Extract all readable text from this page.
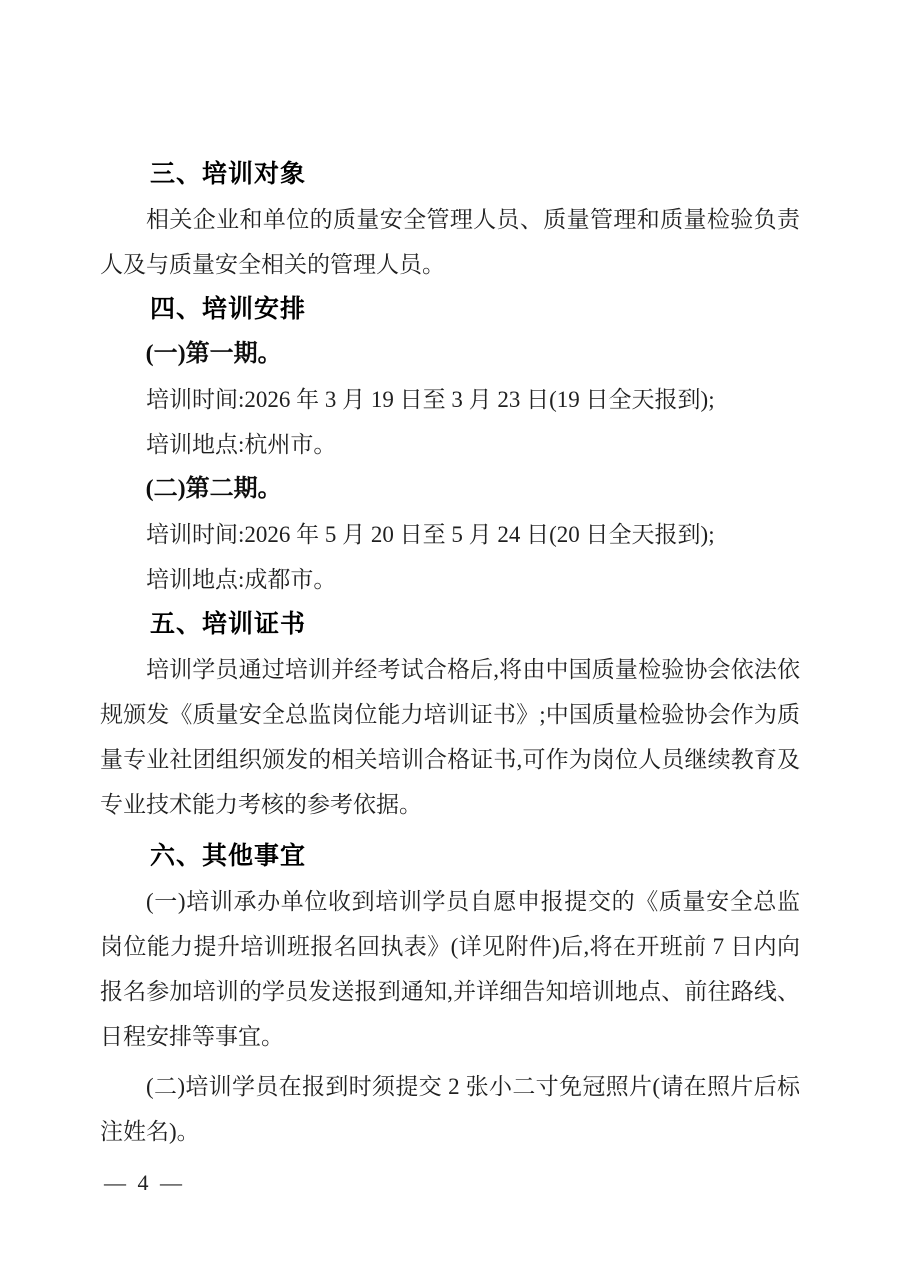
三、培训对象

相关企业和单位的质量安全管理人员、质量管理和质量检验负责人及与质量安全相关的管理人员。

四、培训安排
(一)第一期。

培训时间:2026 年 3 月 19 日至 3 月 23 日(19 日全天报到);

培训地点:杭州市。

(二)第二期。

培训时间:2026 年 5 月 20 日至 5 月 24 日(20 日全天报到);

培训地点:成都市。

五、培训证书

培训学员通过培训并经考试合格后,将由中国质量检验协会依法依规颁发《质量安全总监岗位能力培训证书》;中国质量检验协会作为质量专业社团组织颁发的相关培训合格证书,可作为岗位人员继续教育及专业技术能力考核的参考依据。

六、其他事宜

(一)培训承办单位收到培训学员自愿申报提交的《质量安全总监岗位能力提升培训班报名回执表》(详见附件)后,将在开班前 7 日内向报名参加培训的学员发送报到通知,并详细告知培训地点、前往路线、日程安排等事宜。

(二)培训学员在报到时须提交 2 张小二寸免冠照片(请在照片后标注姓名)。

— 4 —
